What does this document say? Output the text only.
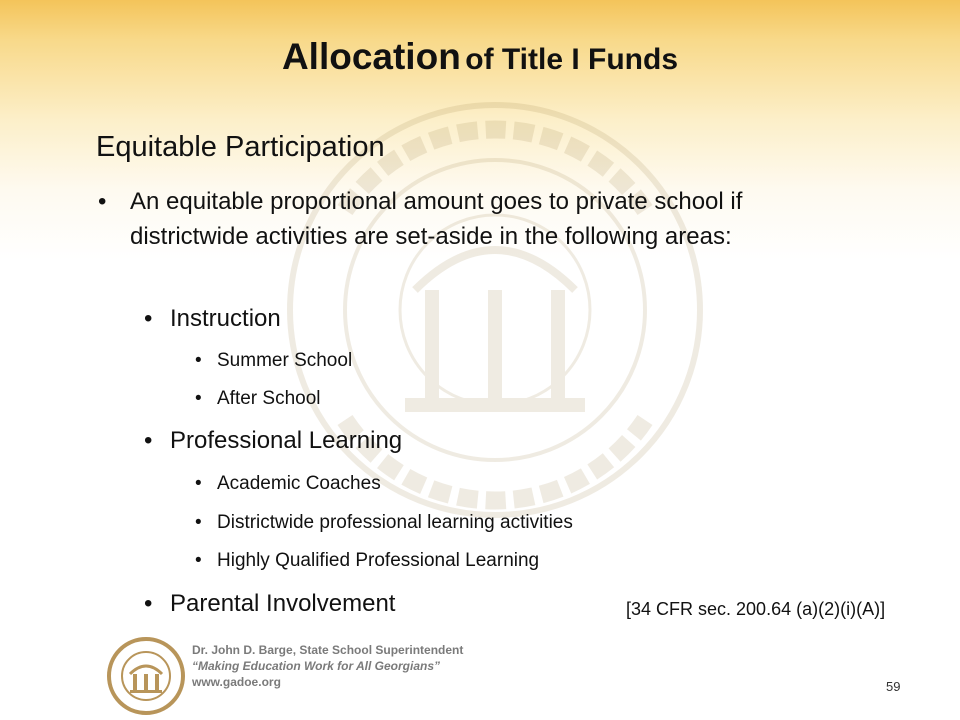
Allocation of Title I Funds
Equitable Participation
• An equitable proportional amount goes to private school if districtwide activities are set-aside in the following areas:
• Instruction
• Summer School
• After School
• Professional Learning
• Academic Coaches
• Districtwide professional learning activities
• Highly Qualified Professional Learning
• Parental Involvement	[34 CFR sec. 200.64 (a)(2)(i)(A)]
Dr. John D. Barge, State School Superintendent
“Making Education Work for All Georgians”
www.gadoe.org	59
